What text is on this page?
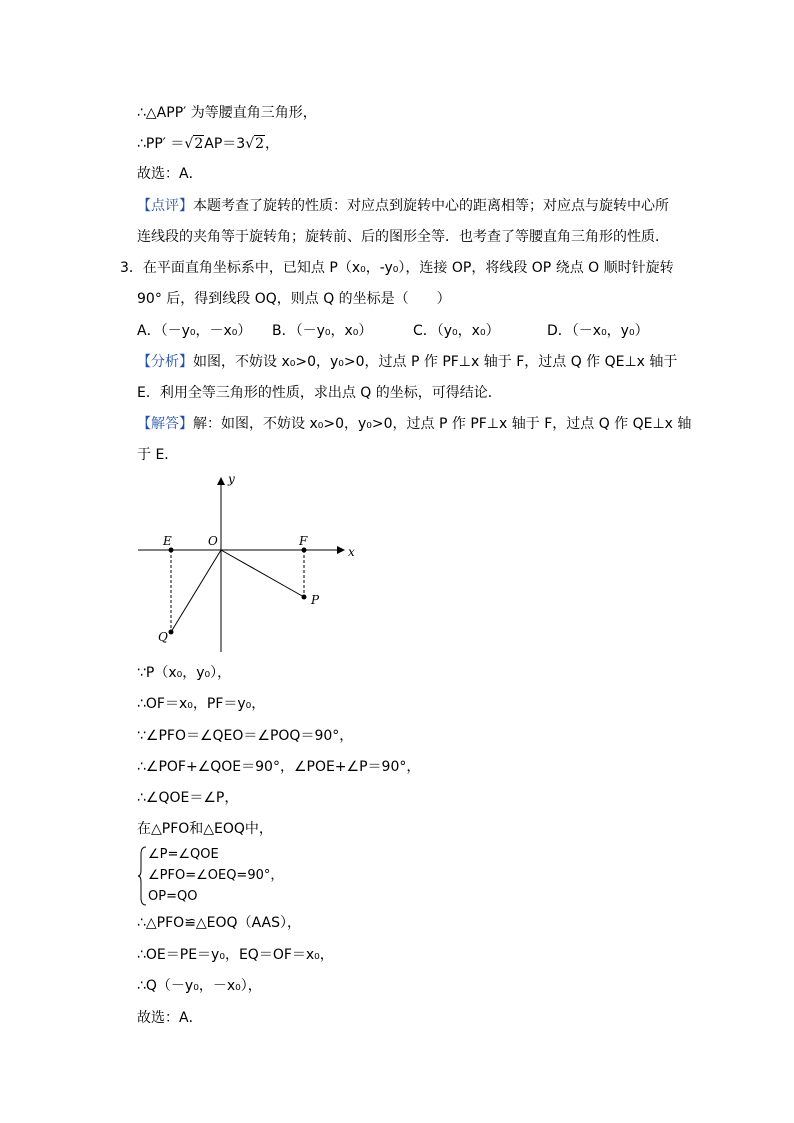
∴△APP′ 为等腰直角三角形，
∴PP′ ＝√2AP＝3√2，
故选：A．
【点评】本题考查了旋转的性质：对应点到旋转中心的距离相等；对应点与旋转中心所
连线段的夹角等于旋转角；旋转前、后的图形全等．也考查了等腰直角三角形的性质．
3．在平面直角坐标系中，已知点 P（x₀，-y₀），连接 OP，将线段 OP 绕点 O 顺时针旋转
90° 后，得到线段 OQ，则点 Q 的坐标是（　　）
A．（－y₀，－x₀） B．（－y₀，x₀）	C．（y₀，x₀）	D．（－x₀，y₀）
【分析】如图，不妨设 x₀>0，y₀>0，过点 P 作 PF⊥x 轴于 F，过点 Q 作 QE⊥x 轴于
E．利用全等三角形的性质，求出点 Q 的坐标，可得结论．
【解答】解：如图，不妨设 x₀>0，y₀>0，过点 P 作 PF⊥x 轴于 F，过点 Q 作 QE⊥x 轴
于 E．
y
x
E	O	F
P
Q
∵P（x₀，y₀），
∴OF＝x₀，PF＝y₀，
∵∠PFO＝∠QEO＝∠POQ＝90°，
∴∠POF+∠QOE＝90°，∠POE+∠P＝90°，
∴∠QOE＝∠P，
在△PFO和△EOQ中，
∠P=∠QOE
∠PFO=∠OEQ=90°，
OP=QO
∴△PFO≌△EOQ（AAS），
∴OE＝PE＝y₀，EQ＝OF＝x₀，
∴Q（－y₀，－x₀），
故选：A．
